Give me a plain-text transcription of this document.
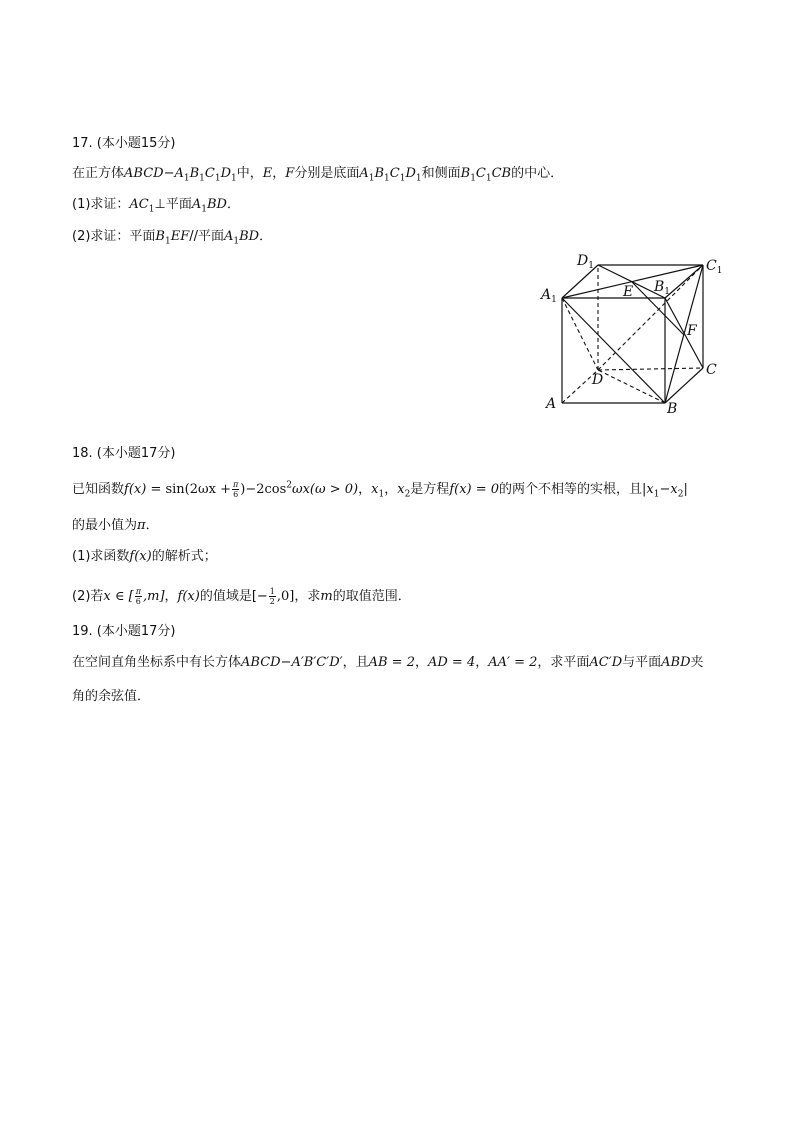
17. (本小题15分)
在正方体$ABCD-A_1B_1C_1D_1$中，E，F分别是底面$A_1B_1C_1D_1$和侧面$B_1C_1CB$的中心．
(1)求证：$AC_1\perp$平面$A_1BD$．
(2)求证：平面$B_1EF//$平面$A_1BD$．
$D_1$	$C_1$
$A_1$
$B_1$
E
F
D
C
A	B
18. (本小题17分)
已知函数$f(x) = \sin(2\omega x + \frac{\pi}{6} )-2\cos^2\omega x(\omega > 0)$，$x_1$，$x_2$是方程f(x) = 0的两个不相等的实根，且$|x_1-x_2|$
的最小值为π．
(1)求函数f(x)的解析式；
(2)若x ∈ [ $\frac{\pi}{6} ,m$]，f(x)的值域是[− $\frac{1}{2} ,0$]，求m的取值范围．
19. (本小题17分)
在空间直角坐标系中有长方体ABCD−A′B′C′D′，且AB = 2，AD = 4，AA′ = 2，求平面AC′D与平面ABD夹
角的余弦值．
